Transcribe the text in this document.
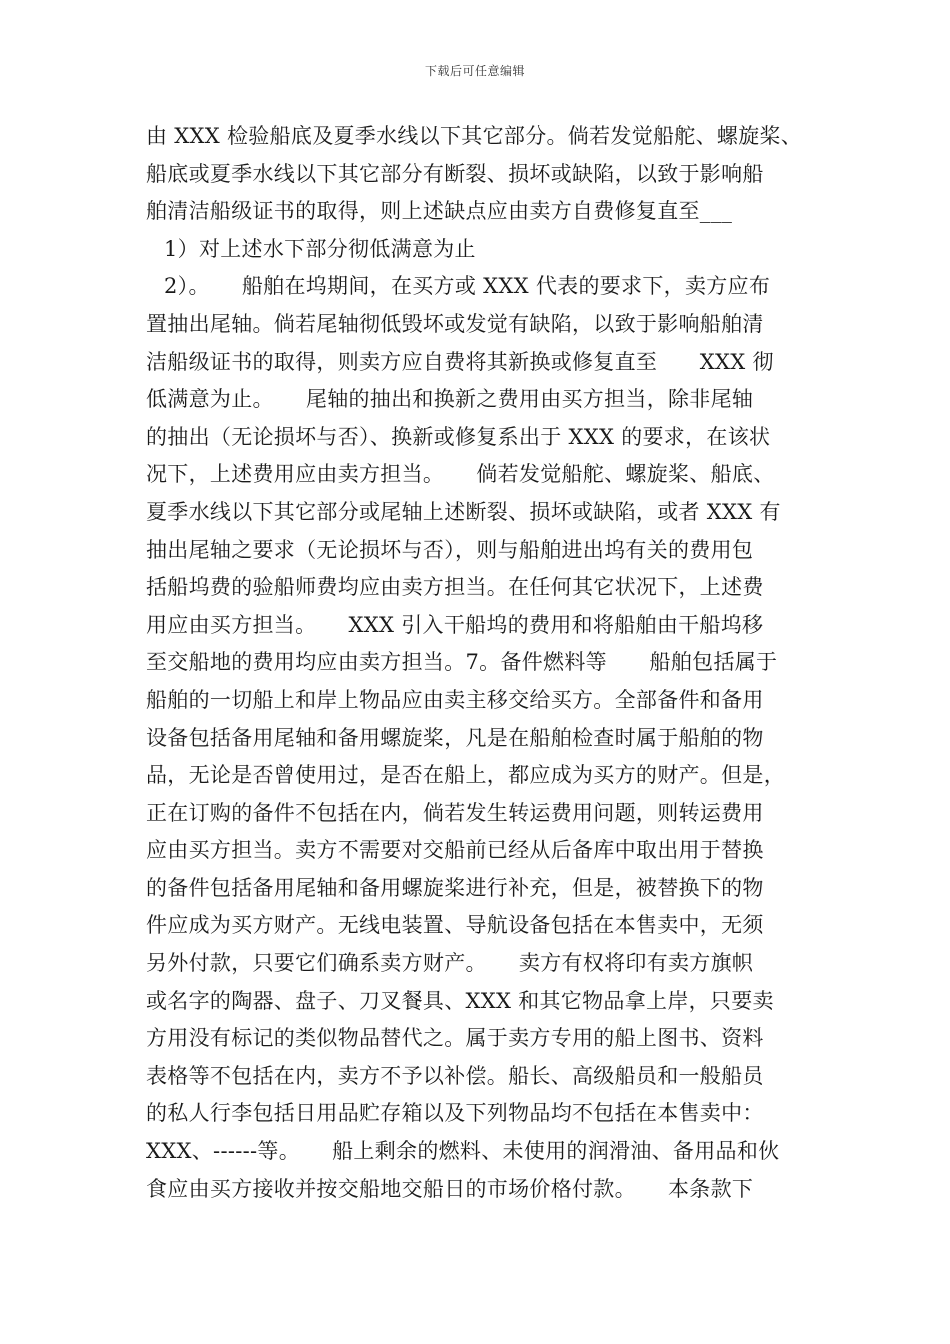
下载后可任意编辑
由 XXX 检验船底及夏季水线以下其它部分。倘若发觉船舵、螺旋桨、
船底或夏季水线以下其它部分有断裂、损坏或缺陷，以致于影响船
舶清洁船级证书的取得，则上述缺点应由卖方自费修复直至___
1）对上述水下部分彻低满意为止
2）。　　船舶在坞期间，在买方或 XXX 代表的要求下，卖方应布
置抽出尾轴。倘若尾轴彻低毁坏或发觉有缺陷，以致于影响船舶清
洁船级证书的取得，则卖方应自费将其新换或修复直至　　XXX 彻
低满意为止。　　尾轴的抽出和换新之费用由买方担当，除非尾轴
的抽出（无论损坏与否）、换新或修复系出于 XXX 的要求，在该状
况下，上述费用应由卖方担当。　　倘若发觉船舵、螺旋桨、船底、
夏季水线以下其它部分或尾轴上述断裂、损坏或缺陷，或者 XXX 有
抽出尾轴之要求（无论损坏与否），则与船舶进出坞有关的费用包
括船坞费的验船师费均应由卖方担当。在任何其它状况下，上述费
用应由买方担当。　　XXX 引入干船坞的费用和将船舶由干船坞移
至交船地的费用均应由卖方担当。7。备件燃料等　　船舶包括属于
船舶的一切船上和岸上物品应由卖主移交给买方。全部备件和备用
设备包括备用尾轴和备用螺旋桨，凡是在船舶检查时属于船舶的物
品，无论是否曾使用过，是否在船上，都应成为买方的财产。但是，
正在订购的备件不包括在内，倘若发生转运费用问题，则转运费用
应由买方担当。卖方不需要对交船前已经从后备库中取出用于替换
的备件包括备用尾轴和备用螺旋桨进行补充，但是，被替换下的物
件应成为买方财产。无线电装置、导航设备包括在本售卖中，无须
另外付款，只要它们确系卖方财产。　　卖方有权将印有卖方旗帜
或名字的陶器、盘子、刀叉餐具、XXX 和其它物品拿上岸，只要卖
方用没有标记的类似物品替代之。属于卖方专用的船上图书、资料
表格等不包括在内，卖方不予以补偿。船长、高级船员和一般船员
的私人行李包括日用品贮存箱以及下列物品均不包括在本售卖中：
XXX、------等。　　船上剩余的燃料、未使用的润滑油、备用品和伙
食应由买方接收并按交船地交船日的市场价格付款。　　本条款下
